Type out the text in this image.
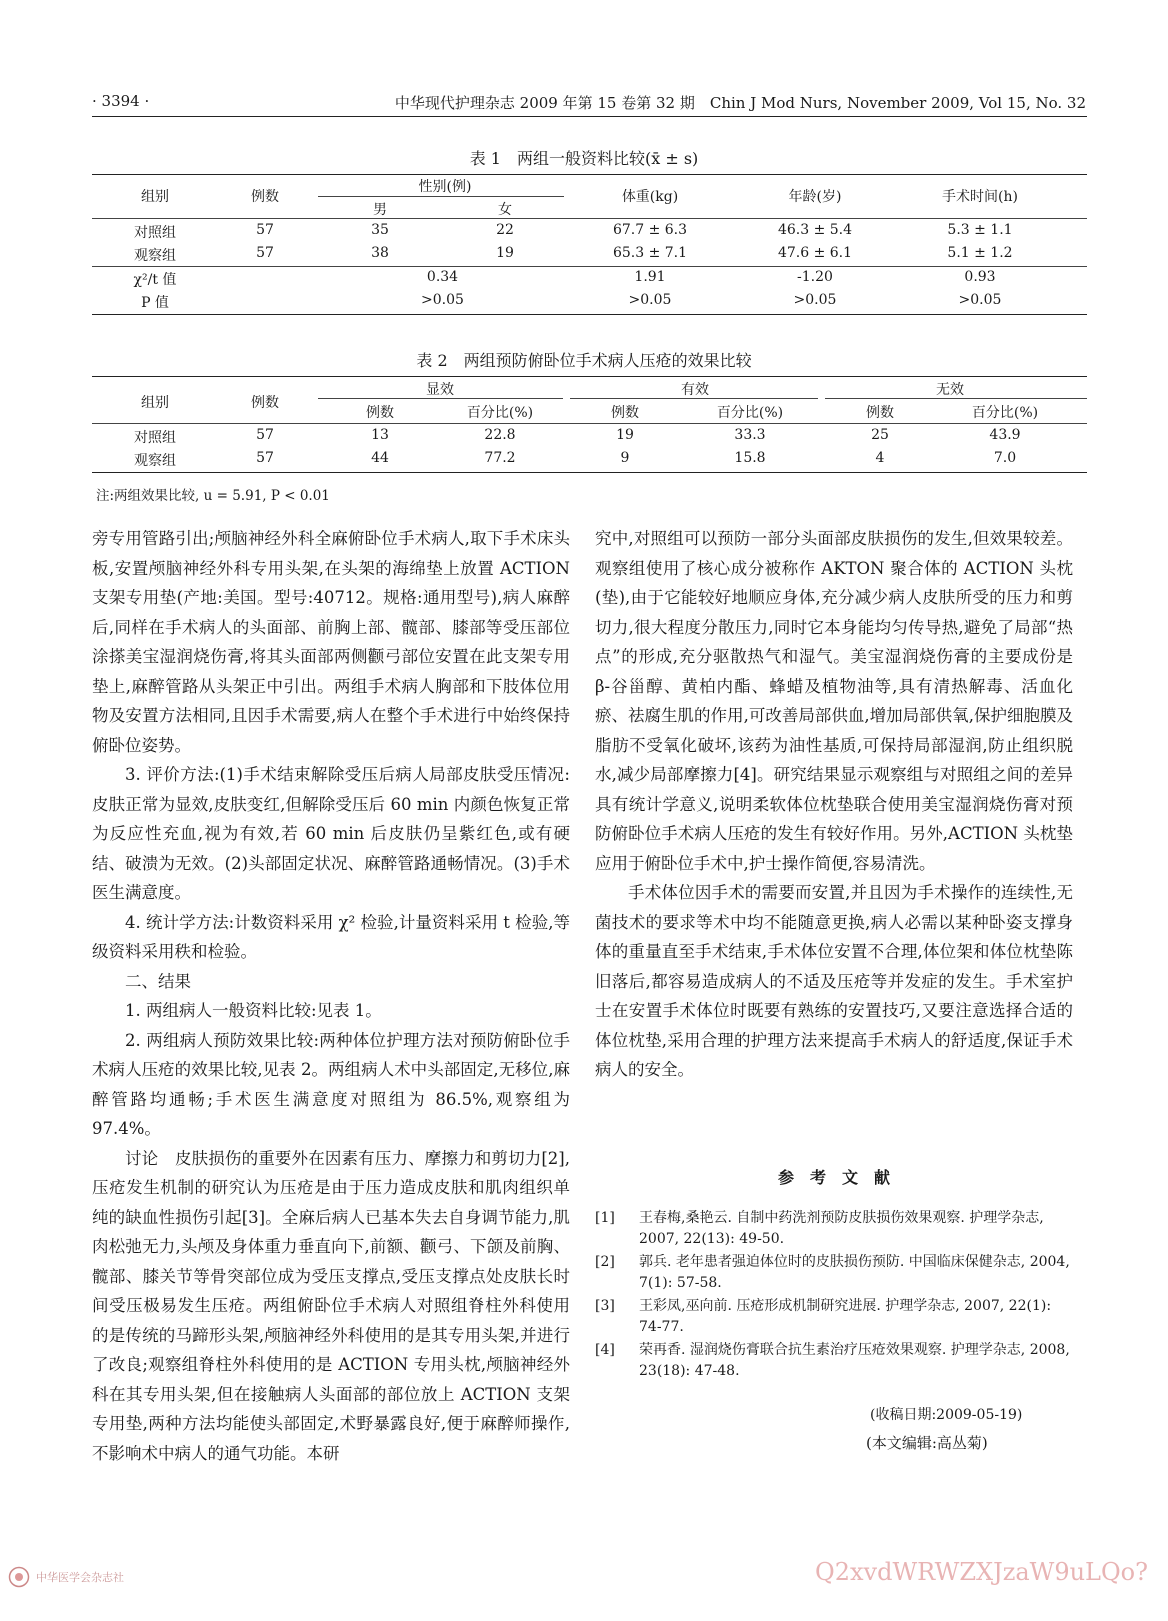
· 3394 ·	中华现代护理杂志 2009 年第 15 卷第 32 期　Chin J Mod Nurs, November 2009, Vol 15, No. 32
表 1　两组一般资料比较(x̄ ± s)
组别	例数
性别(例)
男	女
体重(kg)	年龄(岁)	手术时间(h)
对照组	57	35	22	67.7 ± 6.3	46.3 ± 5.4	5.3 ± 1.1
观察组	57	38	19	65.3 ± 7.1	47.6 ± 6.1	5.1 ± 1.2
χ²/t 值	0.34	1.91	-1.20	0.93
P 值	>0.05	>0.05	>0.05	>0.05
表 2　两组预防俯卧位手术病人压疮的效果比较
组别	例数
显效	有效	无效
例数	百分比(%)	例数	百分比(%)	例数	百分比(%)
对照组	57	13	22.8	19	33.3	25	43.9
观察组	57	44	77.2	9	15.8	4	7.0
注:两组效果比较, u = 5.91, P < 0.01

旁专用管路引出;颅脑神经外科全麻俯卧位手术病人,取下手术床头板,安置颅脑神经外科专用头架,在头架的海绵垫上放置 ACTION 支架专用垫(产地:美国。型号:40712。规格:通用型号),病人麻醉后,同样在手术病人的头面部、前胸上部、髋部、膝部等受压部位涂搽美宝湿润烧伤膏,将其头面部两侧颧弓部位安置在此支架专用垫上,麻醉管路从头架正中引出。两组手术病人胸部和下肢体位用物及安置方法相同,且因手术需要,病人在整个手术进行中始终保持俯卧位姿势。

3. 评价方法:(1)手术结束解除受压后病人局部皮肤受压情况:皮肤正常为显效,皮肤变红,但解除受压后 60 min 内颜色恢复正常为反应性充血,视为有效,若 60 min 后皮肤仍呈紫红色,或有硬结、破溃为无效。(2)头部固定状况、麻醉管路通畅情况。(3)手术医生满意度。

4. 统计学方法:计数资料采用 χ² 检验,计量资料采用 t 检验,等级资料采用秩和检验。

二、结果

1. 两组病人一般资料比较:见表 1。

2. 两组病人预防效果比较:两种体位护理方法对预防俯卧位手术病人压疮的效果比较,见表 2。两组病人术中头部固定,无移位,麻醉管路均通畅;手术医生满意度对照组为 86.5%,观察组为 97.4%。

讨论　皮肤损伤的重要外在因素有压力、摩擦力和剪切力[2],压疮发生机制的研究认为压疮是由于压力造成皮肤和肌肉组织单纯的缺血性损伤引起[3]。全麻后病人已基本失去自身调节能力,肌肉松弛无力,头颅及身体重力垂直向下,前额、颧弓、下颌及前胸、髋部、膝关节等骨突部位成为受压支撑点,受压支撑点处皮肤长时间受压极易发生压疮。两组俯卧位手术病人对照组脊柱外科使用的是传统的马蹄形头架,颅脑神经外科使用的是其专用头架,并进行了改良;观察组脊柱外科使用的是 ACTION 专用头枕,颅脑神经外科在其专用头架,但在接触病人头面部的部位放上 ACTION 支架专用垫,两种方法均能使头部固定,术野暴露良好,便于麻醉师操作,不影响术中病人的通气功能。本研

究中,对照组可以预防一部分头面部皮肤损伤的发生,但效果较差。观察组使用了核心成分被称作 AKTON 聚合体的 ACTION 头枕(垫),由于它能较好地顺应身体,充分减少病人皮肤所受的压力和剪切力,很大程度分散压力,同时它本身能均匀传导热,避免了局部“热点”的形成,充分驱散热气和湿气。美宝湿润烧伤膏的主要成份是 β-谷甾醇、黄柏内酯、蜂蜡及植物油等,具有清热解毒、活血化瘀、祛腐生肌的作用,可改善局部供血,增加局部供氧,保护细胞膜及脂肪不受氧化破坏,该药为油性基质,可保持局部湿润,防止组织脱水,减少局部摩擦力[4]。研究结果显示观察组与对照组之间的差异具有统计学意义,说明柔软体位枕垫联合使用美宝湿润烧伤膏对预防俯卧位手术病人压疮的发生有较好作用。另外,ACTION 头枕垫应用于俯卧位手术中,护士操作简便,容易清洗。

手术体位因手术的需要而安置,并且因为手术操作的连续性,无菌技术的要求等术中均不能随意更换,病人必需以某种卧姿支撑身体的重量直至手术结束,手术体位安置不合理,体位架和体位枕垫陈旧落后,都容易造成病人的不适及压疮等并发症的发生。手术室护士在安置手术体位时既要有熟练的安置技巧,又要注意选择合适的体位枕垫,采用合理的护理方法来提高手术病人的舒适度,保证手术病人的安全。

参　考　文　献
[1]	王春梅,桑艳云. 自制中药洗剂预防皮肤损伤效果观察. 护理学杂志, 2007, 22(13): 49-50.
[2]	郭兵. 老年患者强迫体位时的皮肤损伤预防. 中国临床保健杂志, 2004, 7(1): 57-58.
[3]	王彩凤,巫向前. 压疮形成机制研究进展. 护理学杂志, 2007, 22(1): 74-77.
[4]	荣再香. 湿润烧伤膏联合抗生素治疗压疮效果观察. 护理学杂志, 2008, 23(18): 47-48.
(收稿日期:2009-05-19)
(本文编辑:高丛菊)
中华医学会杂志社	Q2xvdWRWZXJzaW9uLQo?
